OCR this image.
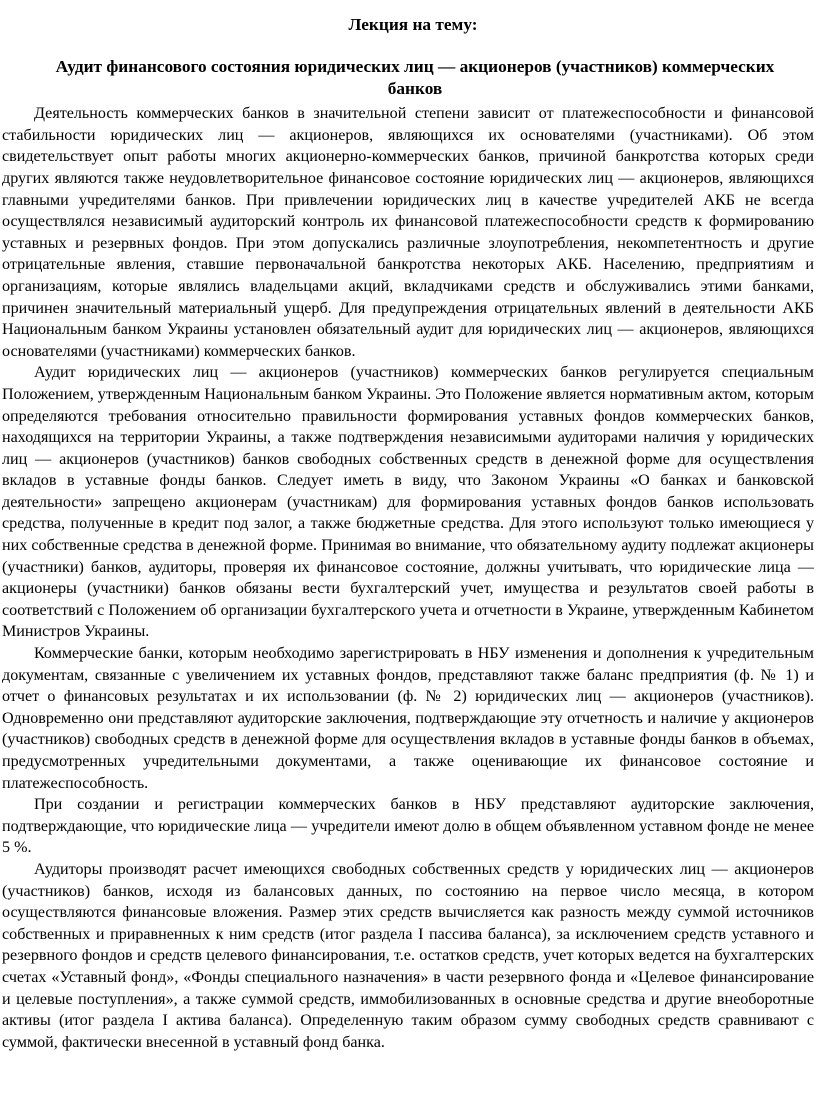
Лекция на тему:
Аудит финансового состояния юридических лиц — акционеров (участников) коммерческих банков

Деятельность коммерческих банков в значительной степени зависит от платежеспособности и финансовой стабильности юридических лиц — акционеров, являющихся их основателями (участниками). Об этом свидетельствует опыт работы многих акционерно-коммерческих банков, причиной банкротства которых среди других являются также неудовлетворительное финансовое состояние юридических лиц — акционеров, являющихся главными учредителями банков. При привлечении юридических лиц в качестве учредителей АКБ не всегда осуществлялся независимый аудиторский контроль их финансовой платежеспособности средств к формированию уставных и резервных фондов. При этом допускались различные злоупотребления, некомпетентность и другие отрицательные явления, ставшие первоначальной банкротства некоторых АКБ. Населению, предприятиям и организациям, которые являлись владельцами акций, вкладчиками средств и обслуживались этими банками, причинен значительный материальный ущерб. Для предупреждения отрицательных явлений в деятельности АКБ Национальным банком Украины установлен обязательный аудит для юридических лиц — акционеров, являющихся основателями (участниками) коммерческих банков.

Аудит юридических лиц — акционеров (участников) коммерческих банков регулируется специальным Положением, утвержденным Национальным банком Украины. Это Положение является нормативным актом, которым определяются требования относительно правильности формирования уставных фондов коммерческих банков, находящихся на территории Украины, а также подтверждения независимыми аудиторами наличия у юридических лиц — акционеров (участников) банков свободных собственных средств в денежной форме для осуществления вкладов в уставные фонды банков. Следует иметь в виду, что Законом Украины «О банках и банковской деятельности» запрещено акционерам (участникам) для формирования уставных фондов банков использовать средства, полученные в кредит под залог, а также бюджетные средства. Для этого используют только имеющиеся у них собственные средства в денежной форме. Принимая во внимание, что обязательному аудиту подлежат акционеры (участники) банков, аудиторы, проверяя их финансовое состояние, должны учитывать, что юридические лица —акционеры (участники) банков обязаны вести бухгалтерский учет, имущества и результатов своей работы в соответствий с Положением об организации бухгалтерского учета и отчетности в Украине, утвержденным Кабинетом Министров Украины.

Коммерческие банки, которым необходимо зарегистрировать в НБУ изменения и дополнения к учредительным документам, связанные с увеличением их уставных фондов, представляют также баланс предприятия (ф. № 1) и отчет о финансовых результатах и их использовании (ф. № 2) юридических лиц — акционеров (участников). Одновременно они представляют аудиторские заключения, подтверждающие эту отчетность и наличие у акционеров (участников) свободных средств в денежной форме для осуществления вкладов в уставные фонды банков в объемах, предусмотренных учредительными документами, а также оценивающие их финансовое состояние и платежеспособность.

При создании и регистрации коммерческих банков в НБУ представляют аудиторские заключения, подтверждающие, что юридические лица — учредители имеют долю в общем объявленном уставном фонде не менее 5 %.

Аудиторы производят расчет имеющихся свободных собственных средств у юридических лиц — акционеров (участников) банков, исходя из балансовых данных, по состоянию на первое число месяца, в котором осуществляются финансовые вложения. Размер этих средств вычисляется как разность между суммой источников собственных и приравненных к ним средств (итог раздела I пассива баланса), за исключением средств уставного и резервного фондов и средств целевого финансирования, т.е. остатков средств, учет которых ведется на бухгалтерских счетах «Уставный фонд», «Фонды специального назначения» в части резервного фонда и «Целевое финансирование и целевые поступления», а также суммой средств, иммобилизованных в основные средства и другие внеоборотные активы (итог раздела I актива баланса). Определенную таким образом сумму свободных средств сравнивают с суммой, фактически внесенной в уставный фонд банка.
